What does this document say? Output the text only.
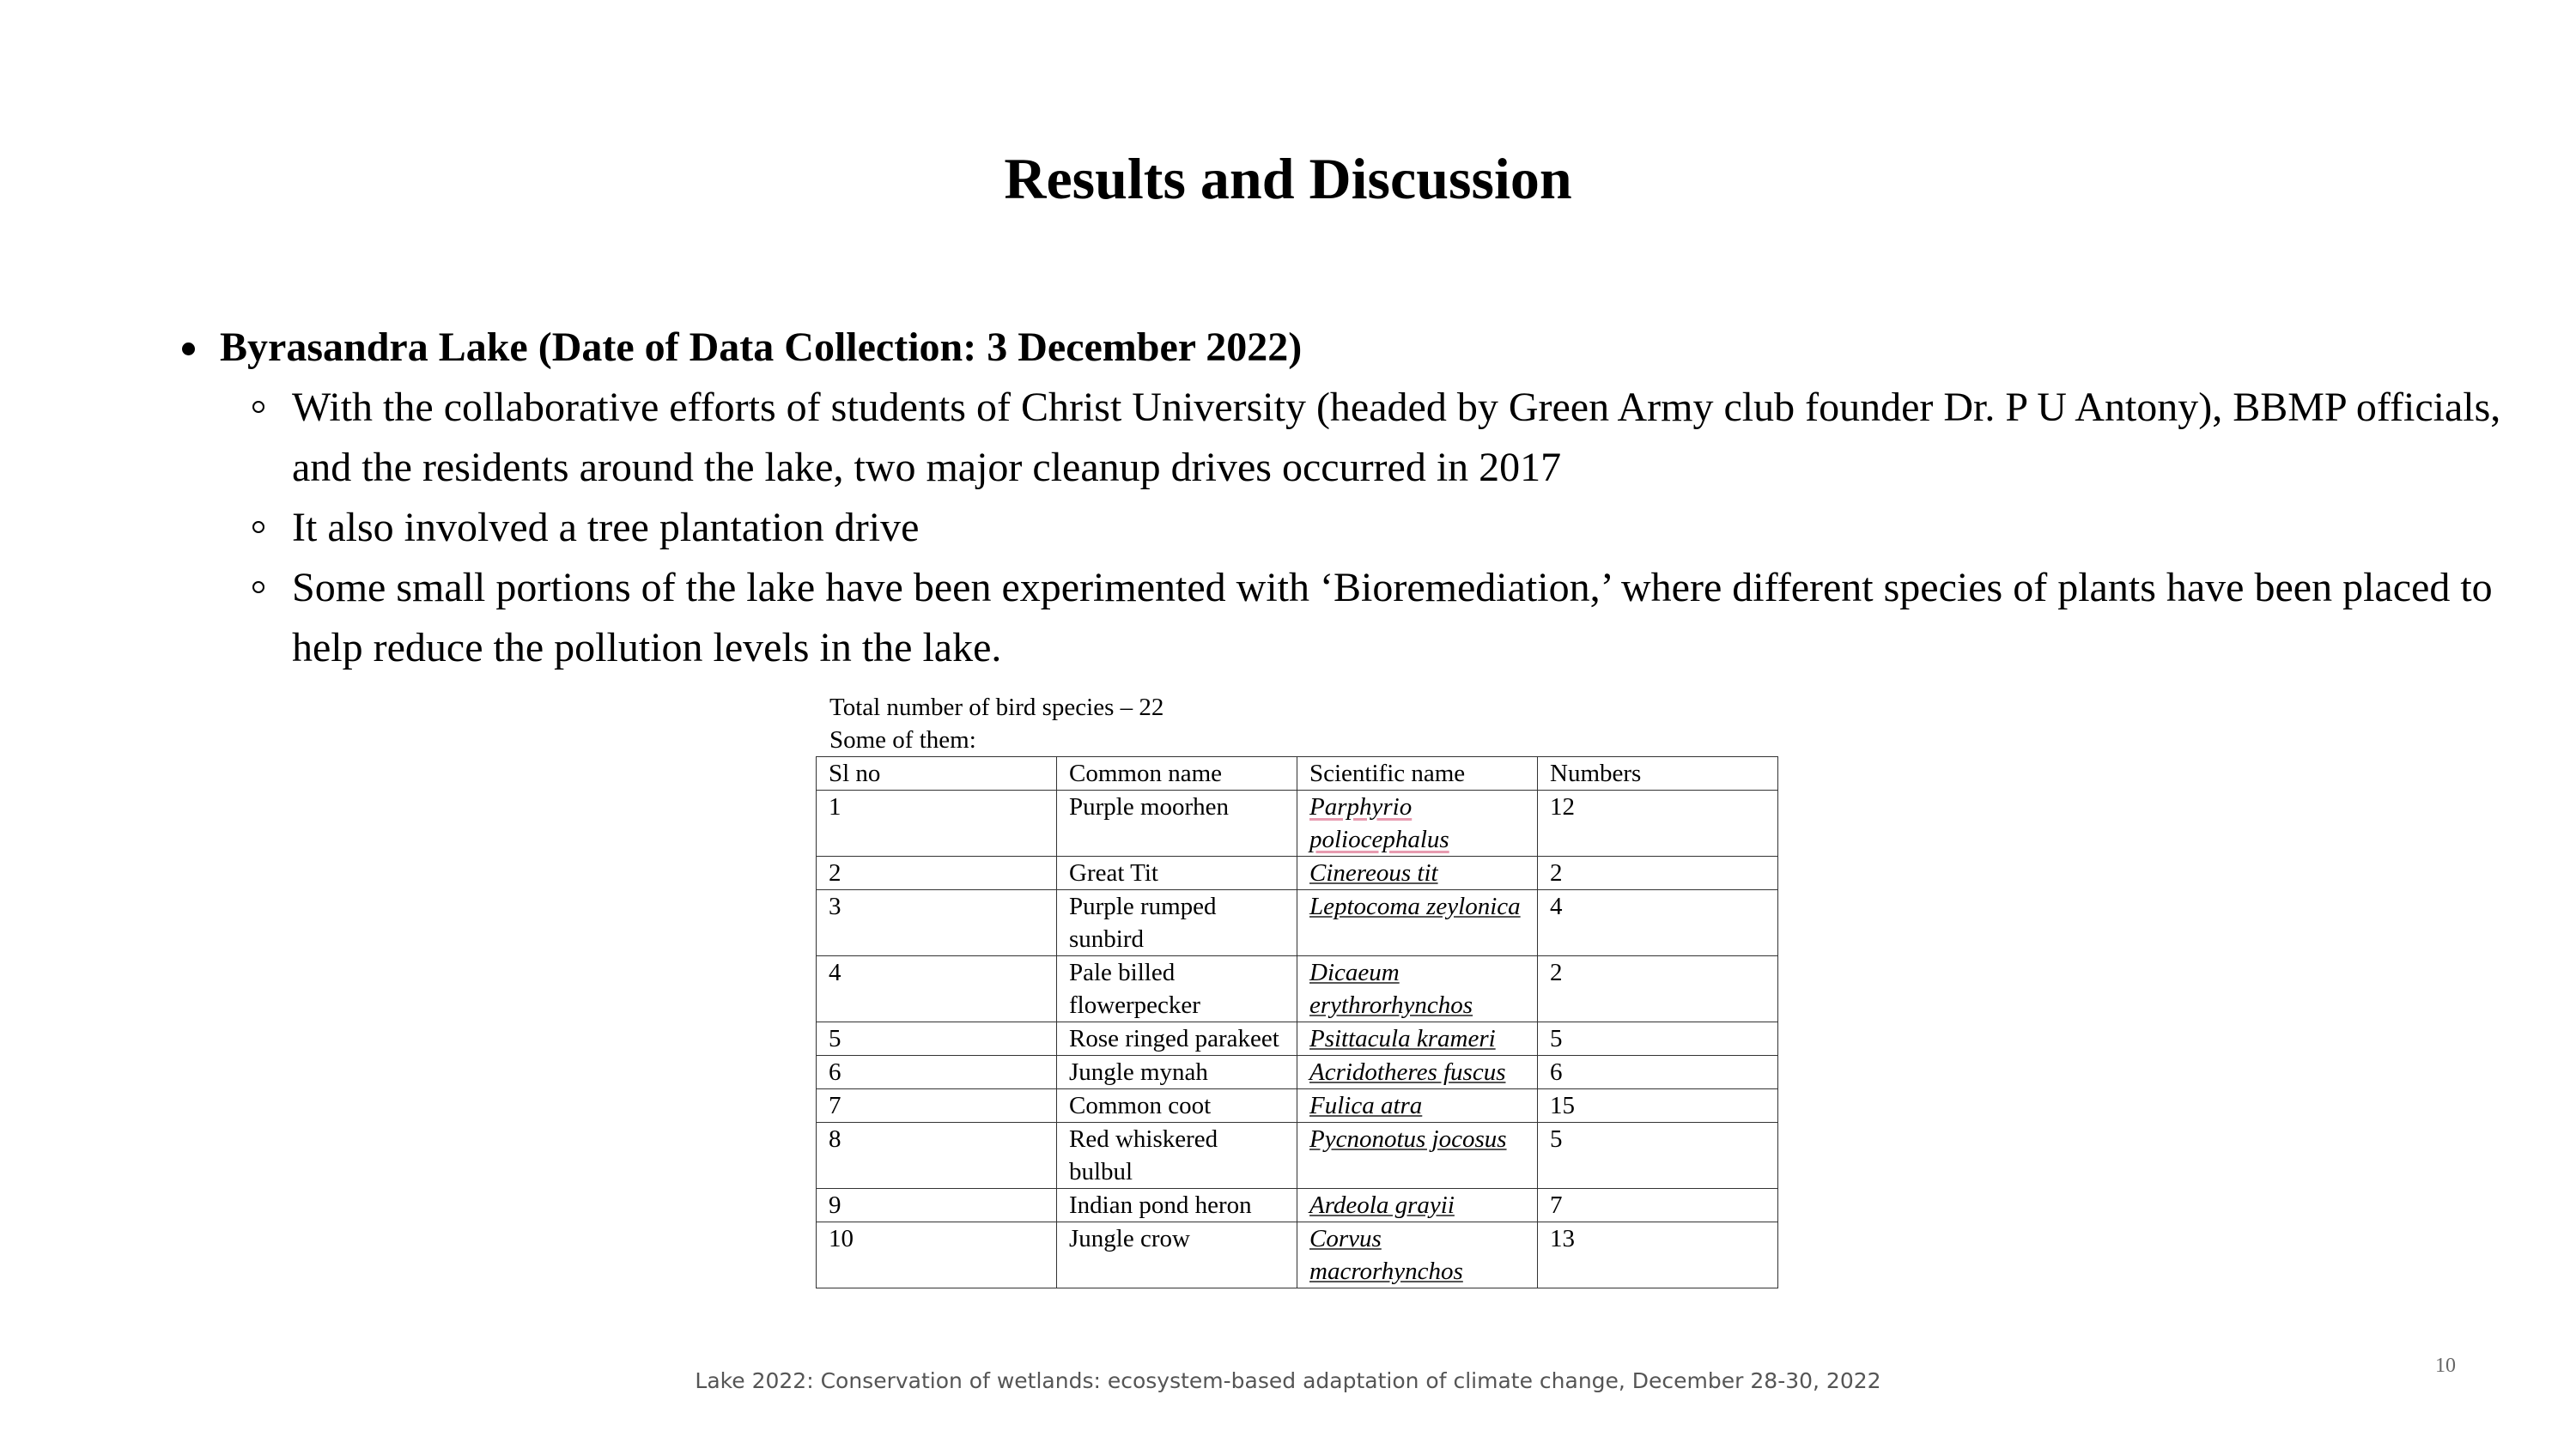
Results and Discussion
Byrasandra Lake (Date of Data Collection: 3 December 2022)
With the collaborative efforts of students of Christ University (headed by Green Army club founder Dr. P U Antony), BBMP officials, and the residents around the lake, two major cleanup drives occurred in 2017
It also involved a tree plantation drive
Some small portions of the lake have been experimented with ‘Bioremediation,’ where different species of plants have been placed to help reduce the pollution levels in the lake.
Total number of bird species – 22
Some of them:
Sl no	Common name	Scientific name	Numbers
1	Purple moorhen	Parphyrio poliocephalus	12
2	Great Tit	Cinereous tit	2
3	Purple rumped sunbird	Leptocoma zeylonica	4
4	Pale billed flowerpecker	Dicaeum erythrorhynchos	2
5	Rose ringed parakeet	Psittacula krameri	5
6	Jungle mynah	Acridotheres fuscus	6
7	Common coot	Fulica atra	15
8	Red whiskered bulbul	Pycnonotus jocosus	5
9	Indian pond heron	Ardeola grayii	7
10	Jungle crow	Corvus macrorhynchos	13
Lake 2022: Conservation of wetlands: ecosystem-based adaptation of climate change, December 28-30, 2022
10
